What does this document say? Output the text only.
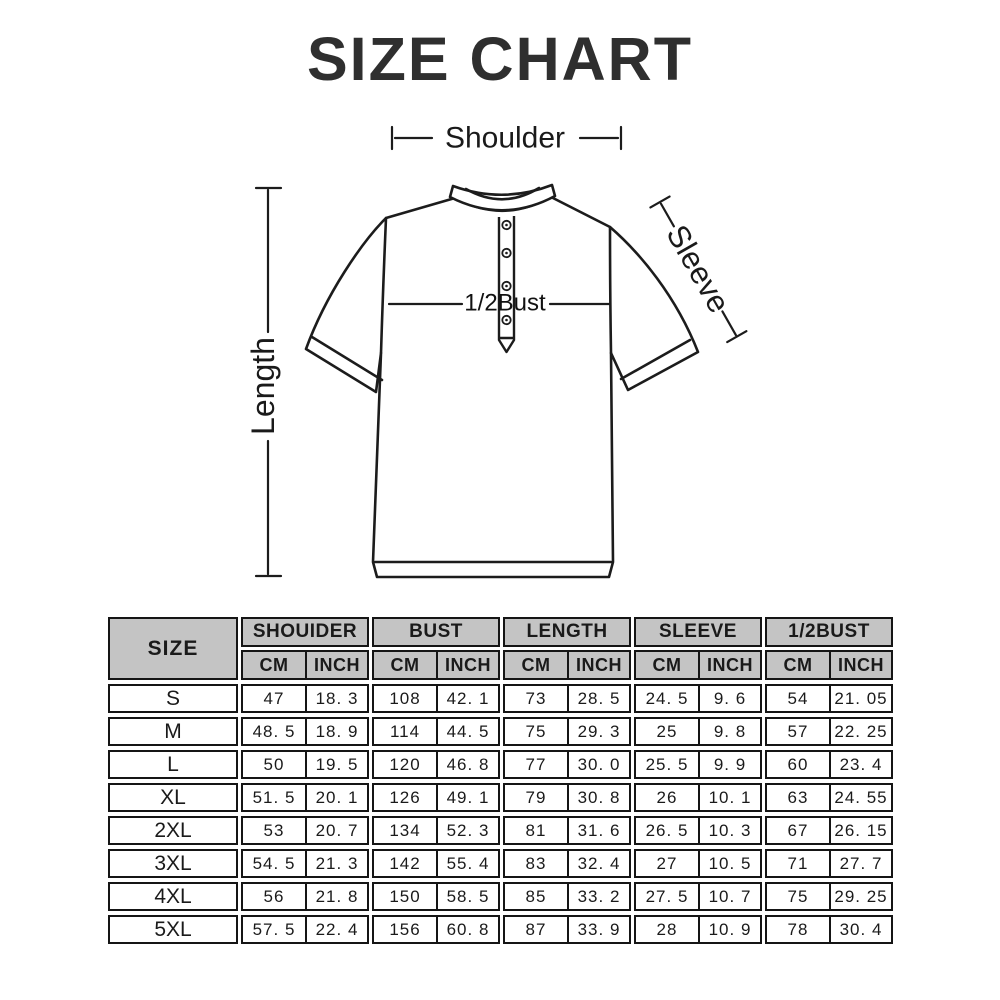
SIZE CHART
Shoulder
Length
Sleeve
1/2Bust
SIZE
SHOUIDER
CM	INCH
BUST
CM	INCH
LENGTH
CM	INCH
SLEEVE
CM	INCH
1/2BUST
CM	INCH
S	47	18. 3	108	42. 1	73	28. 5	24. 5	9. 6	54	21. 05
M	48. 5	18. 9	114	44. 5	75	29. 3	25	9. 8	57	22. 25
L	50	19. 5	120	46. 8	77	30. 0	25. 5	9. 9	60	23. 4
XL	51. 5	20. 1	126	49. 1	79	30. 8	26	10. 1	63	24. 55
2XL	53	20. 7	134	52. 3	81	31. 6	26. 5	10. 3	67	26. 15
3XL	54. 5	21. 3	142	55. 4	83	32. 4	27	10. 5	71	27. 7
4XL	56	21. 8	150	58. 5	85	33. 2	27. 5	10. 7	75	29. 25
5XL	57. 5	22. 4	156	60. 8	87	33. 9	28	10. 9	78	30. 4
